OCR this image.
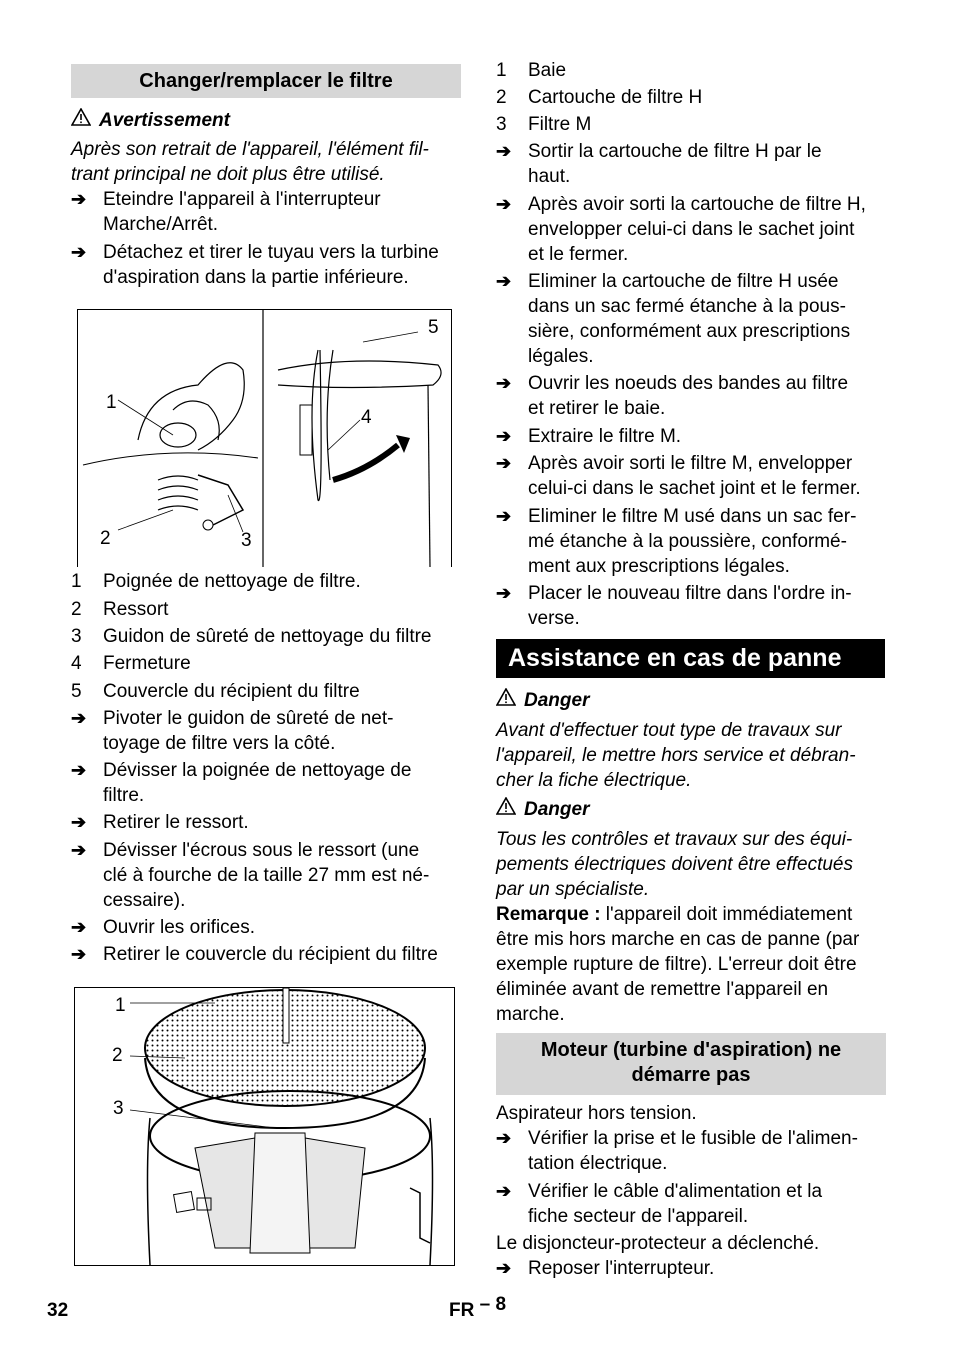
Changer/remplacer le filtre
Avertissement
Après son retrait de l'appareil, l'élément fil-
trant principal ne doit plus être utilisé.
➔ Eteindre l'appareil à l'interrupteur
Marche/Arrêt.
➔ Détachez et tirer le tuyau vers la turbine
d'aspiration dans la partie inférieure.
1
2	3
4
5
1 Poignée de nettoyage de filtre.
2 Ressort
3 Guidon de sûreté de nettoyage du filtre
4 Fermeture
5 Couvercle du récipient du filtre
➔ Pivoter le guidon de sûreté de net-
toyage de filtre vers la côté.
➔ Dévisser la poignée de nettoyage de
filtre.
➔ Retirer le ressort.
➔ Dévisser l'écrous sous le ressort (une
clé à fourche de la taille 27 mm est né-
cessaire).
➔ Ouvrir les orifices.
➔ Retirer le couvercle du récipient du filtre
1
2
3
1 Baie
2 Cartouche de filtre H
3 Filtre M
➔ Sortir la cartouche de filtre H par le
haut.
➔ Après avoir sorti la cartouche de filtre H,
envelopper celui-ci dans le sachet joint
et le fermer.
➔ Eliminer la cartouche de filtre H usée
dans un sac fermé étanche à la pous-
sière, conformément aux prescriptions
légales.
➔ Ouvrir les noeuds des bandes au filtre
et retirer le baie.
➔ Extraire le filtre M.
➔ Après avoir sorti le filtre M, envelopper
celui-ci dans le sachet joint et le fermer.
➔ Eliminer le filtre M usé dans un sac fer-
mé étanche à la poussière, conformé-
ment aux prescriptions légales.
➔ Placer le nouveau filtre dans l'ordre in-
verse.
Assistance en cas de panne
Danger
Avant d'effectuer tout type de travaux sur
l'appareil, le mettre hors service et débran-
cher la fiche électrique.
Danger
Tous les contrôles et travaux sur des équi-
pements électriques doivent être effectués
par un spécialiste.
Remarque : l'appareil doit immédiatement
être mis hors marche en cas de panne (par
exemple rupture de filtre). L'erreur doit être
éliminée avant de remettre l'appareil en
marche.
Moteur (turbine d'aspiration) ne
démarre pas
Aspirateur hors tension.
➔ Vérifier la prise et le fusible de l'alimen-
tation électrique.
➔ Vérifier le câble d'alimentation et la
fiche secteur de l'appareil.
Le disjoncteur-protecteur a déclenché.
➔ Reposer l'interrupteur.
32	FR – 8
